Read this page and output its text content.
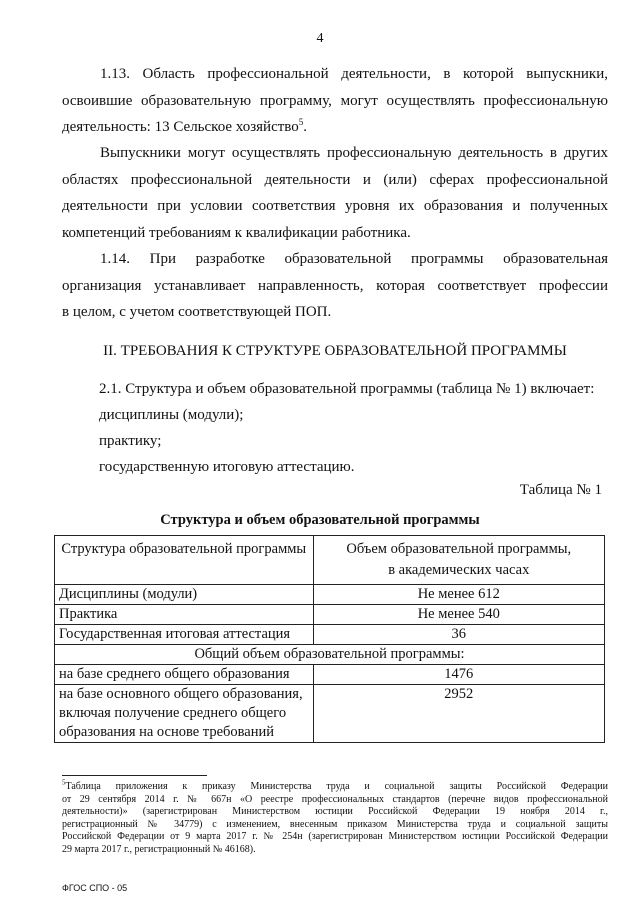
4
1.13. Область профессиональной деятельности, в которой выпускники,
освоившие образовательную программу, могут осуществлять профессиональную
деятельность: 13 Сельское хозяйство$^5$.
Выпускники могут осуществлять профессиональную деятельность в других
областях профессиональной деятельности и (или) сферах профессиональной
деятельности при условии соответствия уровня их образования и полученных
компетенций требованиям к квалификации работника.
1.14. При разработке образовательной программы образовательная
организация устанавливает направленность, которая соответствует профессии
в целом, с учетом соответствующей ПОП.
II. ТРЕБОВАНИЯ К СТРУКТУРЕ ОБРАЗОВАТЕЛЬНОЙ ПРОГРАММЫ
2.1. Структура и объем образовательной программы (таблица № 1) включает:
дисциплины (модули);
практику;
государственную итоговую аттестацию.
Таблица № 1
Структура и объем образовательной программы
Структура образовательной программы	Объем образовательной программы,
в академических часах
Дисциплины (модули)	Не менее 612
Практика	Не менее 540
Государственная итоговая аттестация	36
Общий объем образовательной программы:	
на базе среднего общего образования	1476
на базе основного общего образования,
включая получение среднего общего
образования на основе требований	2952
$^5$Таблица приложения к приказу Министерства труда и социальной защиты Российской Федерации
от 29 сентября 2014 г. № 667н «О реестре профессиональных стандартов (перечне видов профессиональной
деятельности)» (зарегистрирован Министерством юстиции Российской Федерации 19 ноября 2014 г.,
регистрационный № 34779) с изменением, внесенным приказом Министерства труда и социальной защиты
Российской Федерации от 9 марта 2017 г. № 254н (зарегистрирован Министерством юстиции Российской Федерации
29 марта 2017 г., регистрационный № 46168).
ФГОС СПО - 05
